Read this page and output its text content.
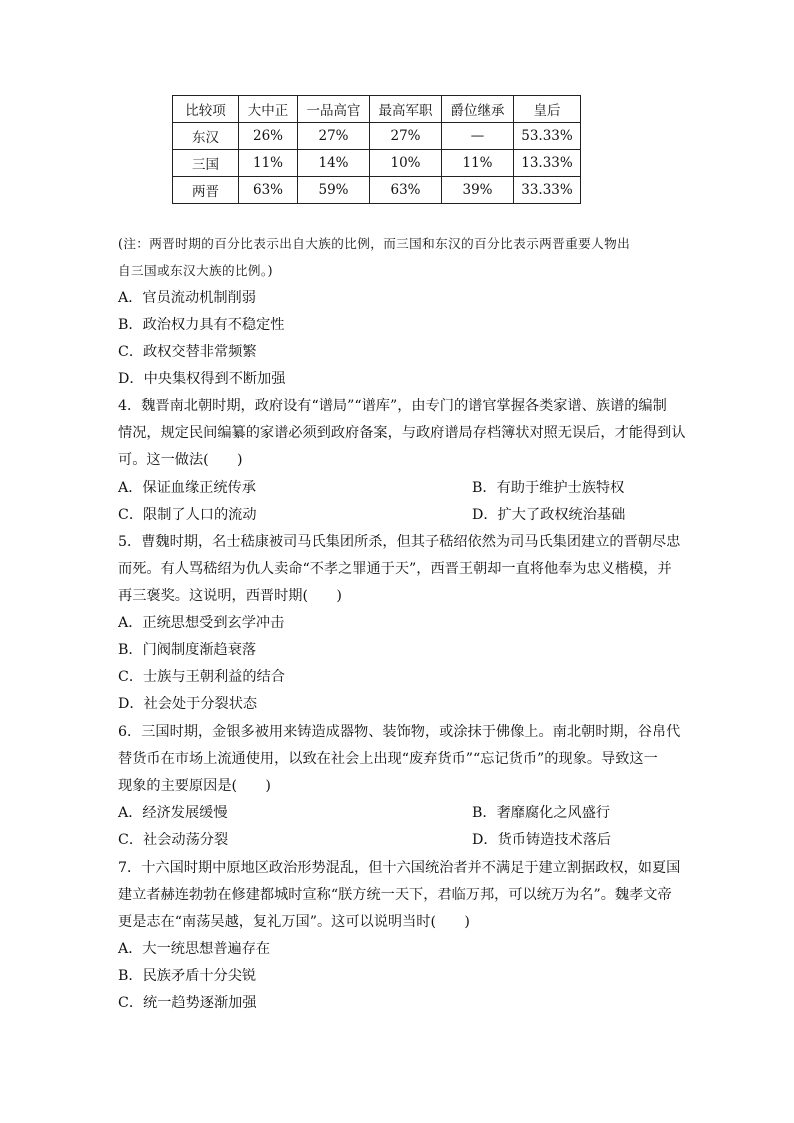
比较项	大中正	一品高官	最高军职	爵位继承	皇后
东汉	26%	27%	27%	—	53.33%
三国	11%	14%	10%	11%	13.33%
两晋	63%	59%	63%	39%	33.33%
(注：两晋时期的百分比表示出自大族的比例，而三国和东汉的百分比表示两晋重要人物出
自三国或东汉大族的比例。)
A．官员流动机制削弱
B．政治权力具有不稳定性
C．政权交替非常频繁
D．中央集权得到不断加强
4．魏晋南北朝时期，政府设有“谱局”“谱库”，由专门的谱官掌握各类家谱、族谱的编制
情况，规定民间编纂的家谱必须到政府备案，与政府谱局存档簿状对照无误后，才能得到认
可。这一做法(　　)
A．保证血缘正统传承	B．有助于维护士族特权
C．限制了人口的流动	D．扩大了政权统治基础
5．曹魏时期，名士嵇康被司马氏集团所杀，但其子嵇绍依然为司马氏集团建立的晋朝尽忠
而死。有人骂嵇绍为仇人卖命“不孝之罪通于天”，西晋王朝却一直将他奉为忠义楷模，并
再三褒奖。这说明，西晋时期(　　)
A．正统思想受到玄学冲击
B．门阀制度渐趋衰落
C．士族与王朝利益的结合
D．社会处于分裂状态
6．三国时期，金银多被用来铸造成器物、装饰物，或涂抹于佛像上。南北朝时期，谷帛代
替货币在市场上流通使用，以致在社会上出现“废弃货币”“忘记货币”的现象。导致这一
现象的主要原因是(　　)
A．经济发展缓慢	B．奢靡腐化之风盛行
C．社会动荡分裂	D．货币铸造技术落后
7．十六国时期中原地区政治形势混乱，但十六国统治者并不满足于建立割据政权，如夏国
建立者赫连勃勃在修建都城时宣称“朕方统一天下，君临万邦，可以统万为名”。魏孝文帝
更是志在“南荡吴越，复礼万国”。这可以说明当时(　　)
A．大一统思想普遍存在
B．民族矛盾十分尖锐
C．统一趋势逐渐加强
